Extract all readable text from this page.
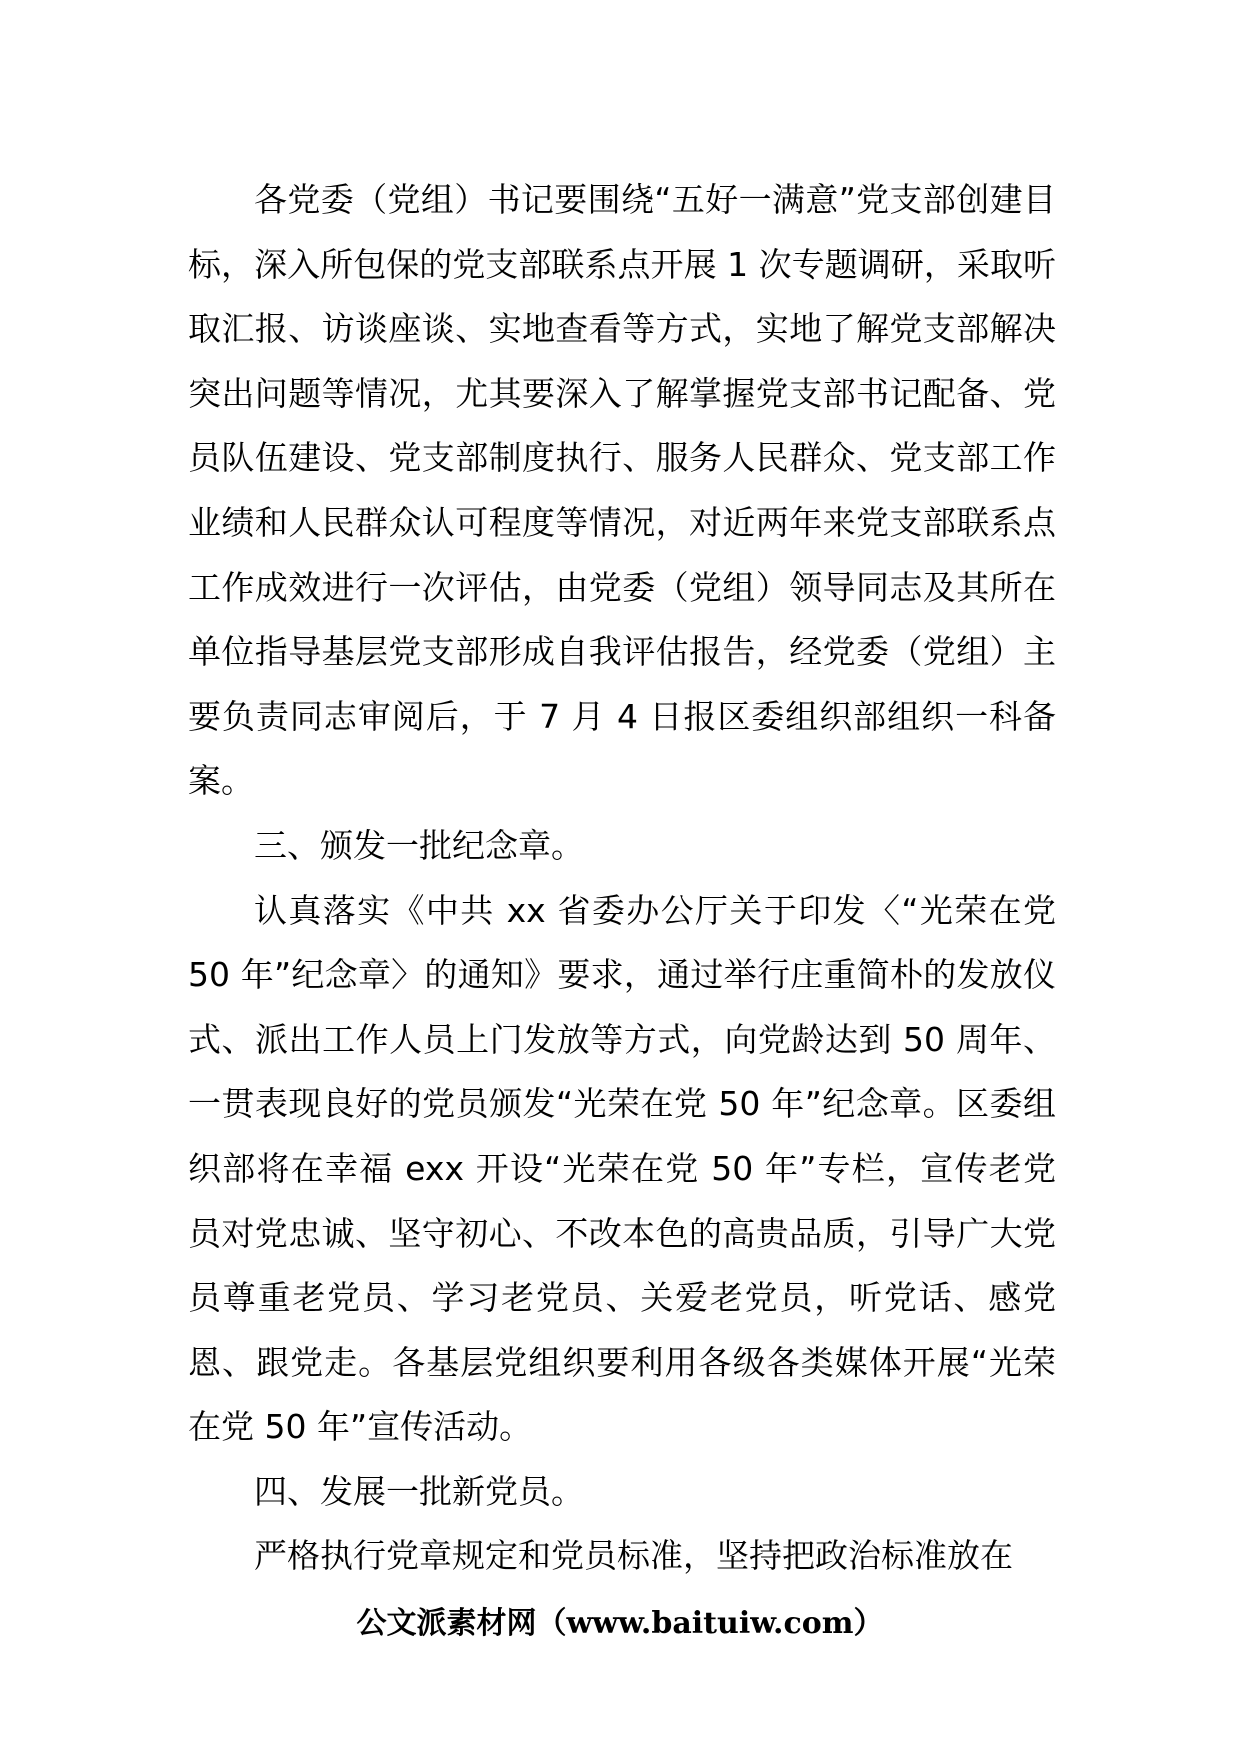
各党委（党组）书记要围绕“五好一满意”党支部创建目标，深入所包保的党支部联系点开展 1 次专题调研，采取听取汇报、访谈座谈、实地查看等方式，实地了解党支部解决突出问题等情况，尤其要深入了解掌握党支部书记配备、党员队伍建设、党支部制度执行、服务人民群众、党支部工作业绩和人民群众认可程度等情况，对近两年来党支部联系点工作成效进行一次评估，由党委（党组）领导同志及其所在单位指导基层党支部形成自我评估报告，经党委（党组）主要负责同志审阅后，于 7 月 4 日报区委组织部组织一科备案。

三、颁发一批纪念章。

认真落实《中共 xx 省委办公厅关于印发〈“光荣在党 50 年”纪念章〉的通知》要求，通过举行庄重简朴的发放仪式、派出工作人员上门发放等方式，向党龄达到 50 周年、一贯表现良好的党员颁发“光荣在党 50 年”纪念章。区委组织部将在幸福 exx 开设“光荣在党 50 年”专栏，宣传老党员对党忠诚、坚守初心、不改本色的高贵品质，引导广大党员尊重老党员、学习老党员、关爱老党员，听党话、感党恩、跟党走。各基层党组织要利用各级各类媒体开展“光荣在党 50 年”宣传活动。

四、发展一批新党员。

严格执行党章规定和党员标准，坚持把政治标准放在

公文派素材网（www.baituiw.com）
